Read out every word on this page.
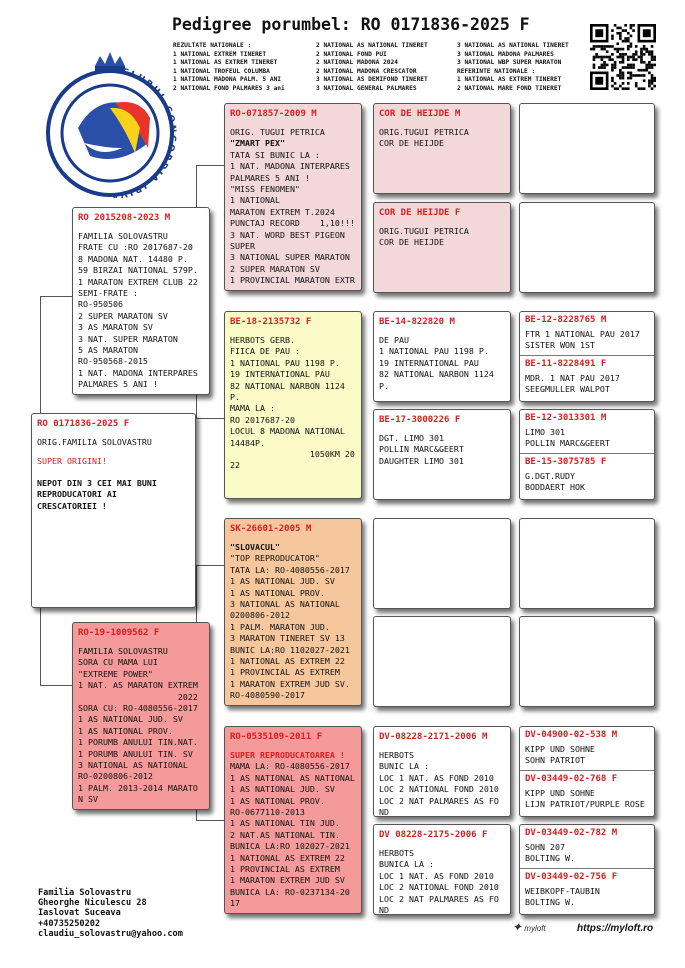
Pedigree porumbel: RO 0171836-2025 F
REZULTATE NATIONALE :
1 NATIONAL EXTREM TINERET
1 NATIONAL AS EXTREM TINERET
1 NATIONAL TROFEUL COLUMBA
1 NATIONAL MADONA PALM. 5 ANI
2 NATIONAL FOND PALMARES 3 ani
2 NATIONAL AS NATIONAL TINERET
2 NATIONAL FOND PUI
2 NATIONAL MADONA 2024
2 NATIONAL MADONA CRESCATOR
3 NATIONAL AS DEMIFOND TINERET
3 NATIONAL GENERAL PALMARES
3 NATIONAL AS NATIONAL TINERET
3 NATIONAL MADONA PALMARES
3 NATIONAL WBP SUPER MARATON
REFERINTE NATIONALE :
1 NATIONAL AS EXTREM TINERET
2 NATIONAL MARE FOND TINERET
CLUBUL CONCORDIA IBIVA
RO 0171836-2025 F
ORIG.FAMILIA SOLOVASTRU
SUPER ORIGINI!
NEPOT DIN 3 CEI MAI BUNI
REPRODUCATORI AI
CRESCATORIEI !
RO 2015208-2023 M
FAMILIA SOLOVASTRU
FRATE CU :RO 2017687-20
8 MADONA NAT. 14480 P.
59 BIRZAI NATIONAL 579P.
1 MARATON EXTREM CLUB 22
SEMI-FRATE :
RO-950506
2 SUPER MARATON SV
3 AS MARATON SV
3 NAT. SUPER MARATON
5 AS MARATON
RO-950568-2015
1 NAT. MADONA INTERPARES
PALMARES 5 ANI !
RO-19-1009562 F
FAMILIA SOLOVASTRU
SORA CU MAMA LUI
"EXTREME POWER"
1 NAT. AS MARATON EXTREM
2022
SORA CU: RO-4080556-2017
1 AS NATIONAL JUD. SV
1 AS NATIONAL PROV.
1 PORUMB ANULUI TIN.NAT.
1 PORUMB ANULUI TIN. SV
3 NATIONAL AS NATIONAL
RO-0200806-2012
1 PALM. 2013-2014 MARATO
N SV
RO-071857-2009 M
ORIG. TUGUI PETRICA
"ZMART PEX"
TATA SI BUNIC LA :
1 NAT. MADONA INTERPARES
PALMARES 5 ANI !
"MISS FENOMEN"
1 NATIONAL
MARATON EXTREM T.2024
PUNCTAJ RECORD    1,10!!!
3 NAT. WORD BEST PIGEON
SUPER
3 NATIONAL SUPER MARATON
2 SUPER MARATON SV
1 PROVINCIAL MARATON EXTR
BE-18-2135732 F
HERBOTS GERB.
FIICA DE PAU :
1 NATIONAL PAU 1198 P.
19 INTERNATIONAL PAU
82 NATIONAL NARBON 1124
P.
MAMA LA :
RO 2017687-20
LOCUL 8 MADONA NATIONAL
14484P.
1050KM 20
22
SK-26601-2005 M
"SLOVACUL"
"TOP REPRODUCATOR"
TATA LA: RO-4080556-2017
1 AS NATIONAL JUD. SV
1 AS NATIONAL PROV.
3 NATIONAL AS NATIONAL
0200806-2012
1 PALM. MARATON JUD.
3 MARATON TINERET SV 13
BUNIC LA:RO 1102027-2021
1 NATIONAL AS EXTREM 22
1 PROVINCIAL AS EXTREM
1 MARATON EXTREM JUD SV.
RO-4080590-2017
RO-0535109-2011 F
SUPER REPRODUCATOAREA !
MAMA LA: RO-4080556-2017
1 AS NATIONAL AS NATIONAL
1 AS NATIONAL JUD. SV
1 AS NATIONAL PROV.
RO-0677110-2013
1 AS NATIONAL TIN JUD.
2 NAT.AS NATIONAL TIN.
BUNICA LA:RO 102027-2021
1 NATIONAL AS EXTREM 22
1 PROVINCIAL AS EXTREM
1 MARATON EXTREM JUD SV
BUNICA LA: RO-0237134-20
17
COR DE HEIJDE M
ORIG.TUGUI PETRICA
COR DE HEIJDE
COR DE HEIJDE F
ORIG.TUGUI PETRICA
COR DE HEIJDE
BE-14-822820 M
DE PAU
1 NATIONAL PAU 1198 P.
19 INTERNATIONAL PAU
82 NATIONAL NARBON 1124
P.
BE-17-3000226 F
DGT. LIMO 301
POLLIN MARC&GEERT
DAUGHTER LIMO 301
DV-08228-2171-2006 M
HERBOTS
BUNIC LA :
LOC 1 NAT. AS FOND 2010
LOC 2 NATIONAL FOND 2010
LOC 2 NAT PALMARES AS FO
ND
DV 08228-2175-2006 F
HERBOTS
BUNICA LA :
LOC 1 NAT. AS FOND 2010
LOC 2 NATIONAL FOND 2010
LOC 2 NAT PALMARES AS FO
ND
BE-12-8228765 M
FTR 1 NATIONAL PAU 2017
SISTER WON 1ST
BE-11-8228491 F
MDR. 1 NAT PAU 2017
SEEGMULLER WALPOT
BE-12-3013301 M
LIMO 301
POLLIN MARC&GEERT
BE-15-3075785 F
G.DGT.RUDY
BODDAERT HOK
DV-04900-02-538 M
KIPP UND SOHNE
SOHN PATRIOT
DV-03449-02-768 F
KIPP UND SOHNE
LIJN PATRIOT/PURPLE ROSE
DV-03449-02-782 M
SOHN 207
BOLTING W.
DV-03449-02-756 F
WEIBKOPF-TAUBIN
BOLTING W.
Familia Solovastru
Gheorghe Niculescu 28
Iaslovat Suceava
+40735250202
claudiu_solovastru@yahoo.com	✦ myloft	https://myloft.ro
